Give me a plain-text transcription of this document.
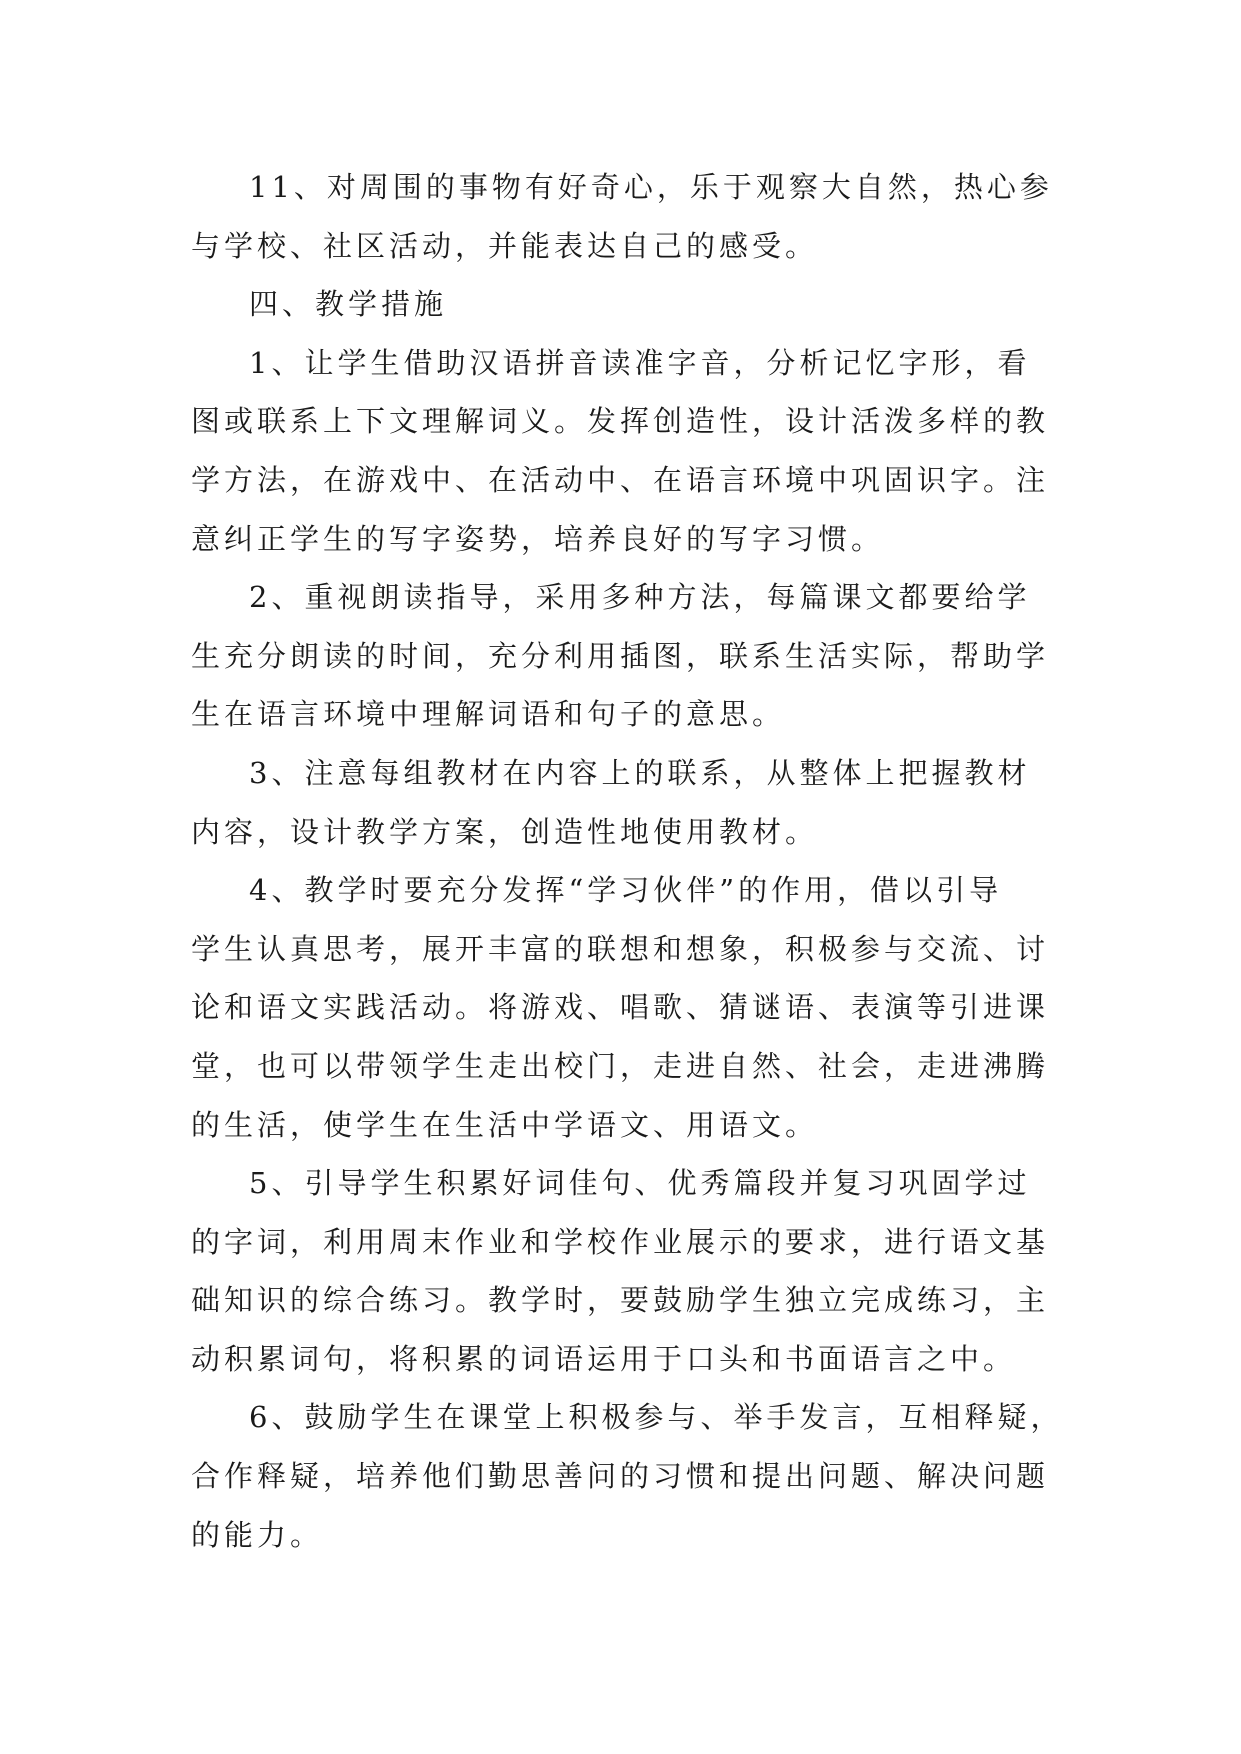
11、对周围的事物有好奇心，乐于观察大自然，热心参
与学校、社区活动，并能表达自己的感受。

四、教学措施

1、让学生借助汉语拼音读准字音，分析记忆字形，看
图或联系上下文理解词义。发挥创造性，设计活泼多样的教
学方法，在游戏中、在活动中、在语言环境中巩固识字。注
意纠正学生的写字姿势，培养良好的写字习惯。

2、重视朗读指导，采用多种方法，每篇课文都要给学
生充分朗读的时间，充分利用插图，联系生活实际，帮助学
生在语言环境中理解词语和句子的意思。

3、注意每组教材在内容上的联系，从整体上把握教材
内容，设计教学方案，创造性地使用教材。

4、教学时要充分发挥“学习伙伴”的作用，借以引导
学生认真思考，展开丰富的联想和想象，积极参与交流、讨
论和语文实践活动。将游戏、唱歌、猜谜语、表演等引进课
堂，也可以带领学生走出校门，走进自然、社会，走进沸腾
的生活，使学生在生活中学语文、用语文。

5、引导学生积累好词佳句、优秀篇段并复习巩固学过
的字词，利用周末作业和学校作业展示的要求，进行语文基
础知识的综合练习。教学时，要鼓励学生独立完成练习，主
动积累词句，将积累的词语运用于口头和书面语言之中。

6、鼓励学生在课堂上积极参与、举手发言，互相释疑，
合作释疑，培养他们勤思善问的习惯和提出问题、解决问题
的能力。
